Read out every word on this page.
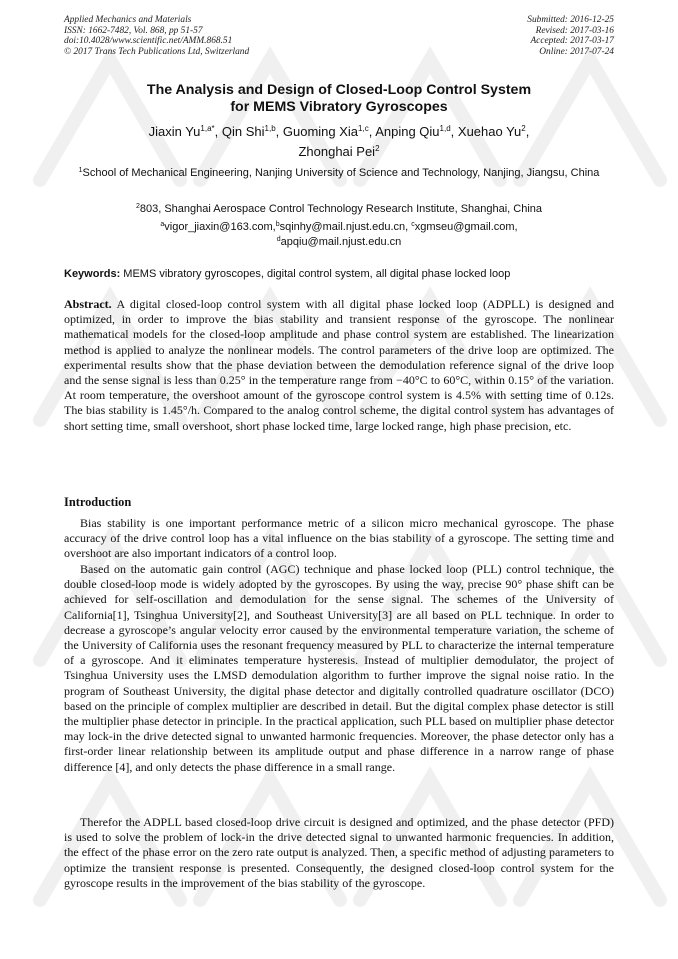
Applied Mechanics and Materials
ISSN: 1662-7482, Vol. 868, pp 51-57
doi:10.4028/www.scientific.net/AMM.868.51
© 2017 Trans Tech Publications Ltd, Switzerland
Submitted: 2016-12-25
Revised: 2017-03-16
Accepted: 2017-03-17
Online: 2017-07-24
The Analysis and Design of Closed-Loop Control System
for MEMS Vibratory Gyroscopes
Jiaxin $Yu^{1,a*}$, Qin Shi$^{1,b}$, Guoming Xia$^{1,c}$, Anping Qiu$^{1,d}$, Xuehao Yu$^2$,
Zhonghai Pei$^2$
$^1$School of Mechanical Engineering, Nanjing University of Science and Technology, Nanjing, Jiangsu, China
$^2$803, Shanghai Aerospace Control Technology Research Institute, Shanghai, China
$^a$vigor_jiaxin@163.com,$^b$sqinhy@mail.njust.edu.cn, $^c$xgmseu@gmail.com,
$^d$apqiu@mail.njust.edu.cn
Keywords: MEMS vibratory gyroscopes, digital control system, all digital phase locked loop
Abstract. A digital closed-loop control system with all digital phase locked loop (ADPLL) is designed and optimized, in order to improve the bias stability and transient response of the gyroscope. The nonlinear mathematical models for the closed-loop amplitude and phase control system are established. The linearization method is applied to analyze the nonlinear models. The control parameters of the drive loop are optimized. The experimental results show that the phase deviation between the demodulation reference signal of the drive loop and the sense signal is less than 0.25° in the temperature range from −40°C to 60°C, within 0.15° of the variation. At room temperature, the overshoot amount of the gyroscope control system is 4.5% with setting time of 0.12s. The bias stability is 1.45°/h. Compared to the analog control scheme, the digital control system has advantages of short setting time, small overshoot, short phase locked time, large locked range, high phase precision, etc.
Introduction
Bias stability is one important performance metric of a silicon micro mechanical gyroscope. The phase accuracy of the drive control loop has a vital influence on the bias stability of a gyroscope. The setting time and overshoot are also important indicators of a control loop.
Based on the automatic gain control (AGC) technique and phase locked loop (PLL) control technique, the double closed-loop mode is widely adopted by the gyroscopes. By using the way, precise 90° phase shift can be achieved for self-oscillation and demodulation for the sense signal. The schemes of the University of California[1], Tsinghua University[2], and Southeast University[3] are all based on PLL technique. In order to decrease a gyroscope’s angular velocity error caused by the environmental temperature variation, the scheme of the University of California uses the resonant frequency measured by PLL to characterize the internal temperature of a gyroscope. And it eliminates temperature hysteresis. Instead of multiplier demodulator, the project of Tsinghua University uses the LMSD demodulation algorithm to further improve the signal noise ratio. In the program of Southeast University, the digital phase detector and digitally controlled quadrature oscillator (DCO) based on the principle of complex multiplier are described in detail. But the digital complex phase detector is still the multiplier phase detector in principle. In the practical application, such PLL based on multiplier phase detector may lock-in the drive detected signal to unwanted harmonic frequencies. Moreover, the phase detector only has a first-order linear relationship between its amplitude output and phase difference in a narrow range of phase difference [4], and only detects the phase difference in a small range.
Therefor the ADPLL based closed-loop drive circuit is designed and optimized, and the phase detector (PFD) is used to solve the problem of lock-in the drive detected signal to unwanted harmonic frequencies. In addition, the effect of the phase error on the zero rate output is analyzed. Then, a specific method of adjusting parameters to optimize the transient response is presented. Consequently, the designed closed-loop control system for the gyroscope results in the improvement of the bias stability of the gyroscope.
